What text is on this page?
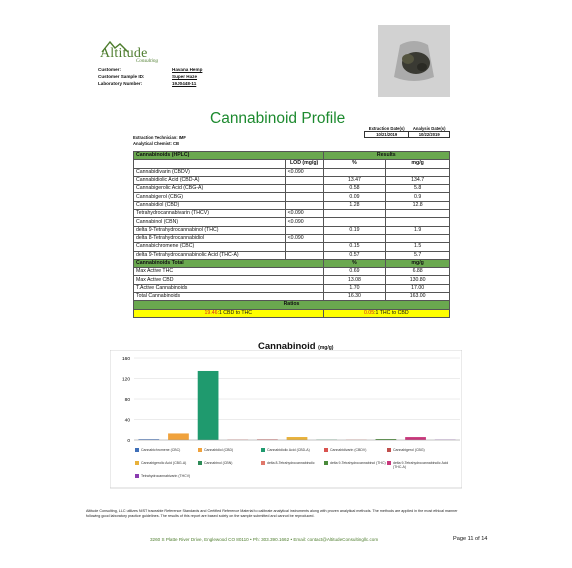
Altitude
Consulting
Customer:	Havana Hemp
Customer Sample ID:	Super Haze
Laboratory Number:	19J0448-11
Cannabinoid Profile
Extraction Technician: IMF
Analytical Chemist: CB
Extraction Date(s)	Analysis Date(s)
10/21/2019	10/22/2019
Cannabinoids (HPLC)		Results	
	LOD (mg/g)	%	mg/g
Cannabidivarin (CBDV)	<0.090		
Cannabidiolic Acid (CBD-A)		13.47	134.7
Cannabigerolic Acid (CBG-A)		0.58	5.8
Cannabigerol (CBG)		0.09	0.9
Cannabidiol (CBD)		1.28	12.8
Tetrahydrocannabivarin (THCV)	<0.090		
Cannabinol (CBN)	<0.090		
delta 9-Tetrahydrocannabinol (THC)		0.19	1.9
delta 8-Tetrahydrocannabidiol	<0.090		
Cannabichromene (CBC)		0.15	1.5
delta 9-Tetrahydrocannabinolic Acid (THC-A)		0.57	5.7
Cannabinoids Total		%	mg/g
Max Active THC		0.69	6.88
Max Active CBD		13.08	130.80
T.Active Cannabinoids		1.70	17.00
Total Cannabinoids		16.30	163.00
Ratios			
19.46:1 CBD to THC		0.05:1 THC to CBD	
Cannabinoid (mg/g)
160
120
80
40
0
Cannabichromene (CBC)	Cannabidiol (CBD)	Cannabidiolic Acid (CBD-A)	Cannabidivarin (CBDV)	Cannabigerol (CBG)
Cannabigerolic Acid (CBG-A)	Cannabinol (CBN)	delta 8-Tetrahydrocannabinolic	delta 9-Tetrahydrocannabinol (THC) delta 9-Tetrahydrocannabinolic Acid (THC-A)
Tetrahydrocannabivarin (THCV)
Altitude Consulting, LLC utilizes NIST traceable Reference Standards and Certified Reference Material to calibrate analytical instruments along with proven analytical methods. The methods are applied in the most ethical manner following good laboratory practice guidelines. The results of this report are based solely on the sample submitted and cannot be reproduced.
3260 S Platte River Drive, Englewood CO 80110 • Ph: 303.390.1662 • Email: contact@AltitudeConsultingllc.com	Page 11 of 14
